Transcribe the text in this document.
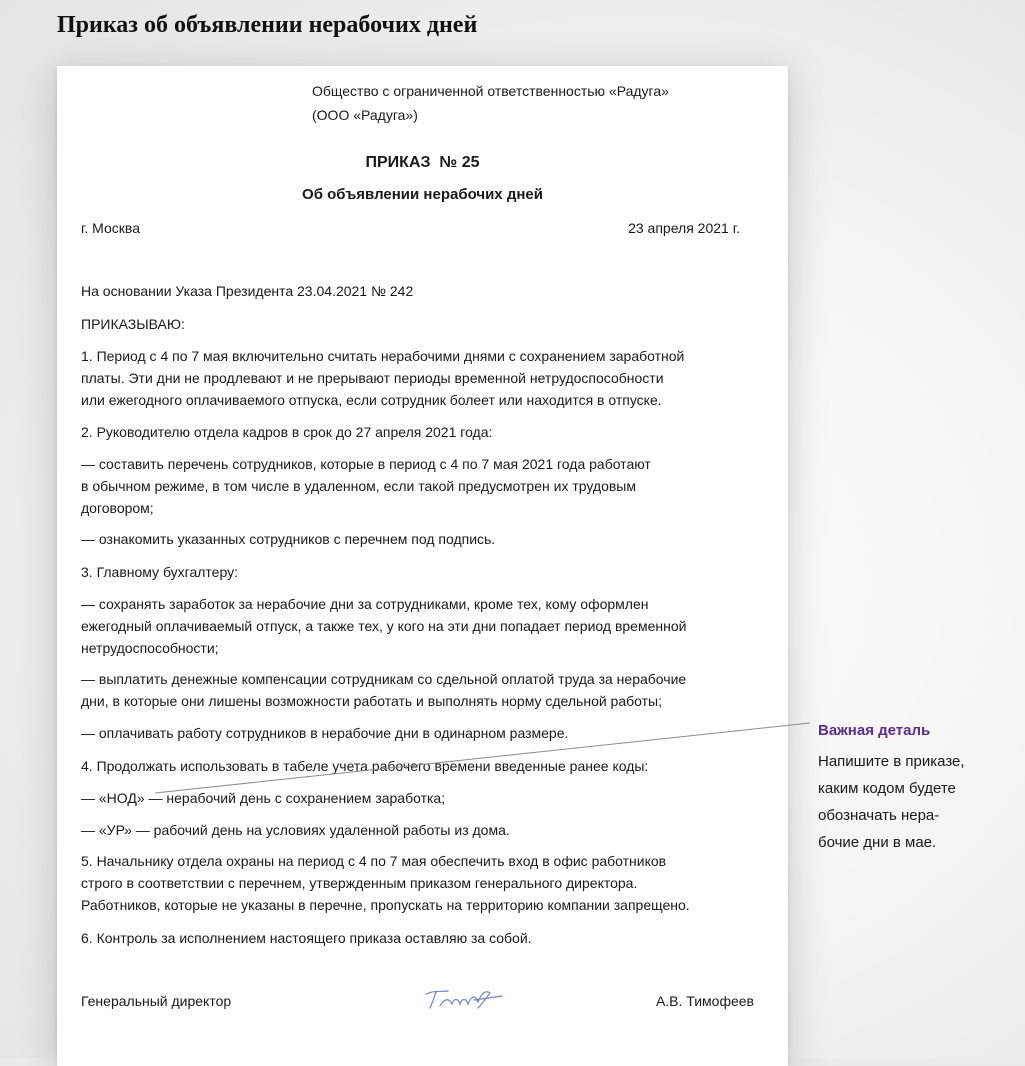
Приказ об объявлении нерабочих дней

Общество с ограниченной ответственностью «Радуга»

(ООО «Радуга»)

ПРИКАЗ  № 25

Об объявлении нерабочих дней

г. Москва	23 апреля 2021 г.

На основании Указа Президента 23.04.2021 № 242

ПРИКАЗЫВАЮ:

1. Период с 4 по 7 мая включительно считать нерабочими днями с сохранением заработной
платы. Эти дни не продлевают и не прерывают периоды временной нетрудоспособности
или ежегодного оплачиваемого отпуска, если сотрудник болеет или находится в отпуске.

2. Руководителю отдела кадров в срок до 27 апреля 2021 года:

— составить перечень сотрудников, которые в период с 4 по 7 мая 2021 года работают
в обычном режиме, в том числе в удаленном, если такой предусмотрен их трудовым
договором;

— ознакомить указанных сотрудников с перечнем под подпись.

3. Главному бухгалтеру:

— сохранять заработок за нерабочие дни за сотрудниками, кроме тех, кому оформлен
ежегодный оплачиваемый отпуск, а также тех, у кого на эти дни попадает период временной
нетрудоспособности;
— выплатить денежные компенсации сотрудникам со сдельной оплатой труда за нерабочие
дни, в которые они лишены возможности работать и выполнять норму сдельной работы;

— оплачивать работу сотрудников в нерабочие дни в одинарном размере.

4. Продолжать использовать в табеле учета рабочего времени введенные ранее коды:

— «НОД» — нерабочий день с сохранением заработка;

— «УР» — рабочий день на условиях удаленной работы из дома.

5. Начальнику отдела охраны на период с 4 по 7 мая обеспечить вход в офис работников
строго в соответствии с перечнем, утвержденным приказом генерального директора.
Работников, которые не указаны в перечне, пропускать на территорию компании запрещено.

6. Контроль за исполнением настоящего приказа оставляю за собой.

Генеральный директор	А.В. Тимофеев

Важная деталь

Напишите в приказе,

каким кодом будете

обозначать нера-

бочие дни в мае.
